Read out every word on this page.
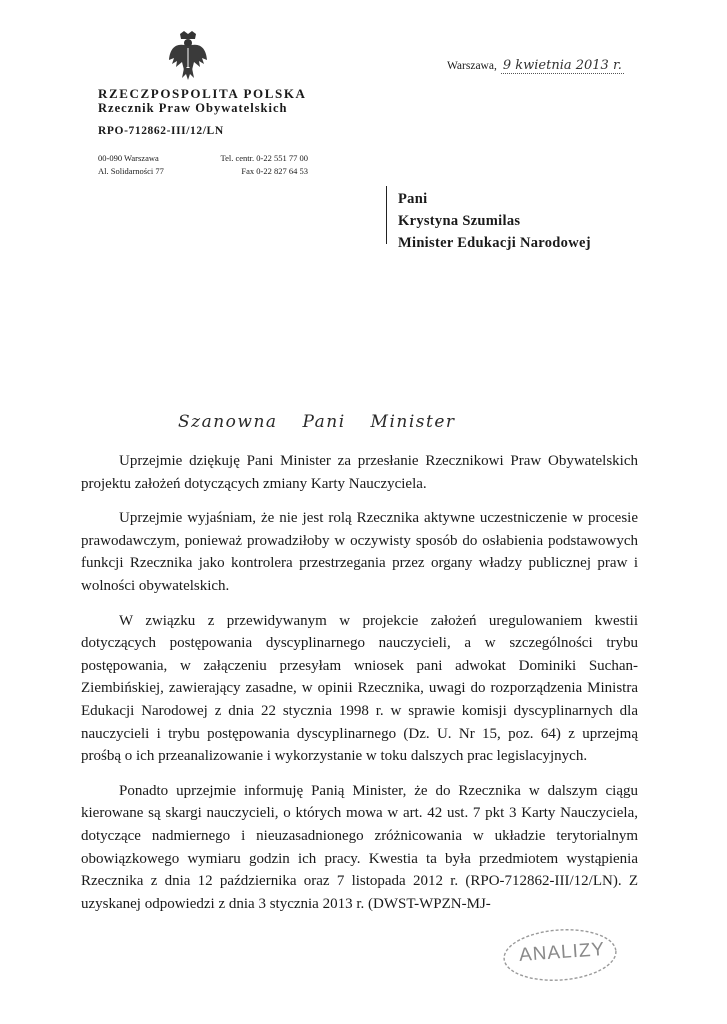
RZECZPOSPOLITA POLSKA
Rzecznik Praw Obywatelskich
RPO-712862-III/12/LN
00-090 Warszawa	Tel. centr. 0-22 551 77 00
Al. Solidarności 77	Fax 0-22 827 64 53
Warszawa, 9 kwietnia 2013 r.
Pani
Krystyna Szumilas
Minister Edukacji Narodowej
Szanowna Pani Minister

Uprzejmie dziękuję Pani Minister za przesłanie Rzecznikowi Praw Obywatelskich projektu założeń dotyczących zmiany Karty Nauczyciela.

Uprzejmie wyjaśniam, że nie jest rolą Rzecznika aktywne uczestniczenie w procesie prawodawczym, ponieważ prowadziłoby w oczywisty sposób do osłabienia podstawowych funkcji Rzecznika jako kontrolera przestrzegania przez organy władzy publicznej praw i wolności obywatelskich.

W związku z przewidywanym w projekcie założeń uregulowaniem kwestii dotyczących postępowania dyscyplinarnego nauczycieli, a w szczególności trybu postępowania, w załączeniu przesyłam wniosek pani adwokat Dominiki Suchan-Ziembińskiej, zawierający zasadne, w opinii Rzecznika, uwagi do rozporządzenia Ministra Edukacji Narodowej z dnia 22 stycznia 1998 r. w sprawie komisji dyscyplinarnych dla nauczycieli i trybu postępowania dyscyplinarnego (Dz. U. Nr 15, poz. 64) z uprzejmą prośbą o ich przeanalizowanie i wykorzystanie w toku dalszych prac legislacyjnych.

Ponadto uprzejmie informuję Panią Minister, że do Rzecznika w dalszym ciągu kierowane są skargi nauczycieli, o których mowa w art. 42 ust. 7 pkt 3 Karty Nauczyciela, dotyczące nadmiernego i nieuzasadnionego zróżnicowania w układzie terytorialnym obowiązkowego wymiaru godzin ich pracy. Kwestia ta była przedmiotem wystąpienia Rzecznika z dnia 12 października oraz 7 listopada 2012 r. (RPO-712862-III/12/LN). Z uzyskanej odpowiedzi z dnia 3 stycznia 2013 r. (DWST-WPZN-MJ-

ANALIZY
